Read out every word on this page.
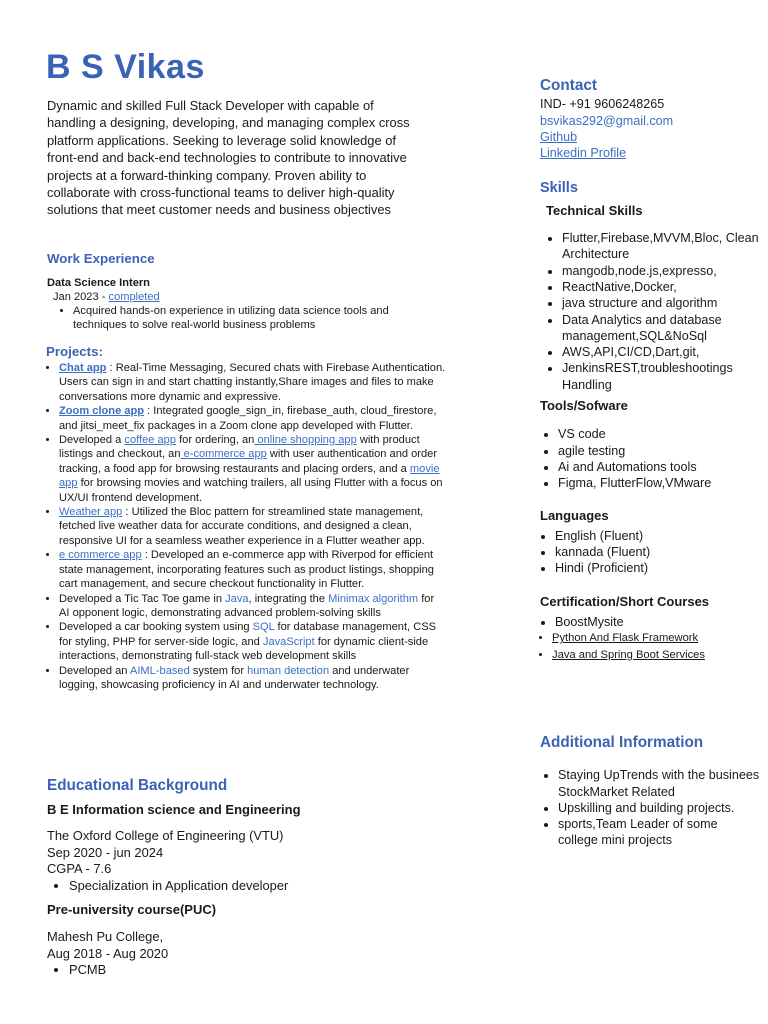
B S Vikas

Dynamic and skilled Full Stack Developer with capable of handling a designing, developing, and managing complex cross platform applications. Seeking to leverage solid knowledge of front-end and back-end technologies to contribute to innovative projects at a forward-thinking company. Proven ability to collaborate with cross-functional teams to deliver high-quality solutions that meet customer needs and business objectives

Work Experience
Data Science Intern
Jan 2023 - completed
• Acquired hands-on experience in utilizing data science tools and techniques to solve real-world business problems
Projects:
• Chat app : Real-Time Messaging, Secured chats with Firebase Authentication. Users can sign in and start chatting instantly,Share images and files to make conversations more dynamic and expressive.
• Zoom clone app : Integrated google_sign_in, firebase_auth, cloud_firestore, and jitsi_meet_fix packages in a Zoom clone app developed with Flutter.
• Developed a coffee app for ordering, an online shopping app with product listings and checkout, an e-commerce app with user authentication and order tracking, a food app for browsing restaurants and placing orders, and a movie app for browsing movies and watching trailers, all using Flutter with a focus on UX/UI frontend development.
• Weather app : Utilized the Bloc pattern for streamlined state management, fetched live weather data for accurate conditions, and designed a clean, responsive UI for a seamless weather experience in a Flutter weather app.
• e commerce app : Developed an e-commerce app with Riverpod for efficient state management, incorporating features such as product listings, shopping cart management, and secure checkout functionality in Flutter.
• Developed a Tic Tac Toe game in Java, integrating the Minimax algorithm for AI opponent logic, demonstrating advanced problem-solving skills
• Developed a car booking system using SQL for database management, CSS for styling, PHP for server-side logic, and JavaScript for dynamic client-side interactions, demonstrating full-stack web development skills
• Developed an AIML-based system for human detection and underwater logging, showcasing proficiency in AI and underwater technology.
Educational Background

B E Information science and Engineering

The Oxford College of Engineering (VTU)
Sep 2020 - jun 2024
CGPA - 7.6
• Specialization in Application developer

Pre-university course(PUC)

Mahesh Pu College,
Aug 2018 - Aug 2020
• PCMB

Contact

IND- +91 9606248265

bsvikas292@gmail.com

Github

Linkedin Profile

Skills

Technical Skills

• Flutter,Firebase,MVVM,Bloc, Clean Architecture
• mangodb,node.js,expresso,
• ReactNative,Docker,
• java structure and algorithm
• Data Analytics and database management,SQL&NoSql
• AWS,API,CI/CD,Dart,git,
• JenkinsREST,troubleshootings Handling

Tools/Sofware

• VS code
• agile testing
• Ai and Automations tools
• Figma, FlutterFlow,VMware

Languages

• English (Fluent)
• kannada (Fluent)
• Hindi (Proficient)

Certification/Short Courses

• BoostMysite
• Python And Flask Framework
• Java and Spring Boot Services

Additional Information

• Staying UpTrends with the businees StockMarket Related
• Upskilling and building projects.
• sports,Team Leader of some college mini projects
